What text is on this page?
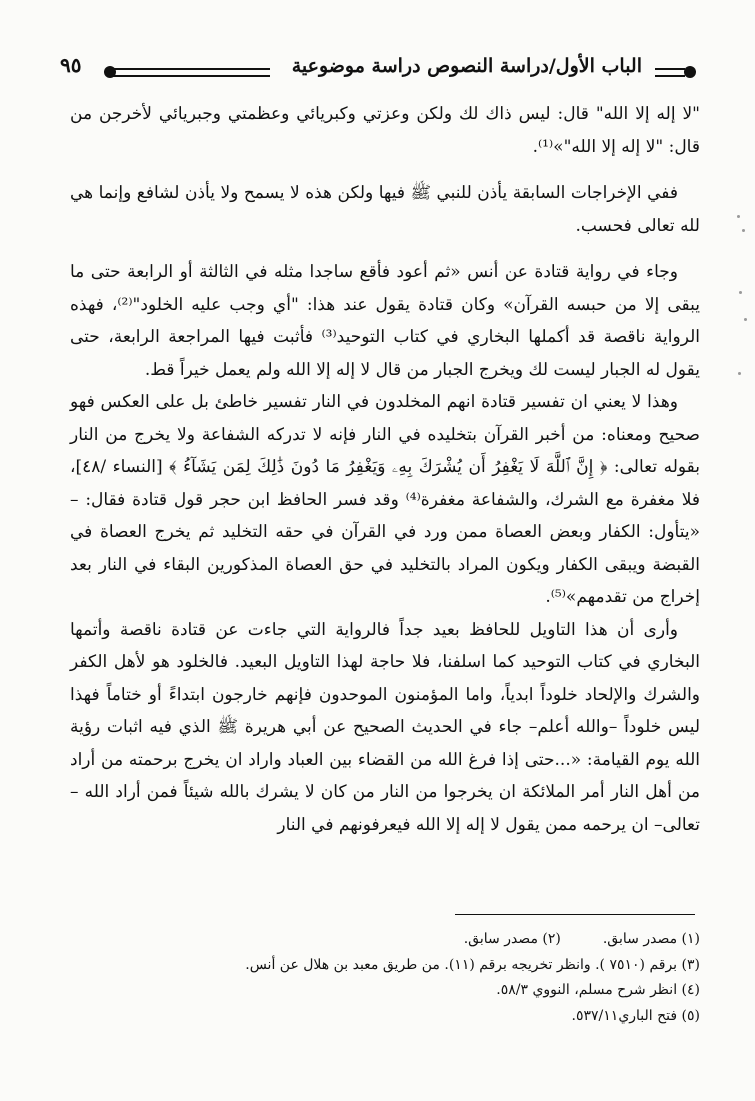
الباب الأول/دراسة النصوص دراسة موضوعية
٩٥

"لا إله إلا الله" قال: ليس ذاك لك ولكن وعزتي وكبريائي وعظمتي وجبريائي لأخرجن من قال: "لا إله إلا الله"»⁽¹⁾.

ففي الإخراجات السابقة يأذن للنبي ﷺ فيها ولكن هذه لا يسمح ولا يأذن لشافع وإنما هي لله تعالى فحسب.

وجاء في رواية قتادة عن أنس «ثم أعود فأقع ساجدا مثله في الثالثة أو الرابعة حتى ما يبقى إلا من حبسه القرآن» وكان قتادة يقول عند هذا: "أي وجب عليه الخلود"⁽²⁾، فهذه الرواية ناقصة قد أكملها البخاري في كتاب التوحيد⁽³⁾ فأثبت فيها المراجعة الرابعة، حتى يقول له الجبار ليست لك ويخرج الجبار من قال لا إله إلا الله ولم يعمل خيراً قط.

وهذا لا يعني ان تفسير قتادة انهم المخلدون في النار تفسير خاطئ بل على العكس فهو صحيح ومعناه: من أخبر القرآن بتخليده في النار فإنه لا تدركه الشفاعة ولا يخرج من النار بقوله تعالى: ﴿ إِنَّ ٱللَّهَ لَا يَغْفِرُ أَن يُشْرَكَ بِهِۦ وَيَغْفِرُ مَا دُونَ ذَٰلِكَ لِمَن يَشَآءُ ﴾ [النساء /٤٨]، فلا مغفرة مع الشرك، والشفاعة مغفرة⁽⁴⁾ وقد فسر الحافظ ابن حجر قول قتادة فقال: – «يتأول: الكفار وبعض العصاة ممن ورد في القرآن في حقه التخليد ثم يخرج العصاة في القبضة ويبقى الكفار ويكون المراد بالتخليد في حق العصاة المذكورين البقاء في النار بعد إخراج من تقدمهم»⁽⁵⁾.

وأرى أن هذا التاويل للحافظ بعيد جداً فالرواية التي جاءت عن قتادة ناقصة وأتمها البخاري في كتاب التوحيد كما اسلفنا، فلا حاجة لهذا التاويل البعيد. فالخلود هو لأهل الكفر والشرك والإلحاد خلوداً ابدياً، واما المؤمنون الموحدون فإنهم خارجون ابتداءً أو ختاماً فهذا ليس خلوداً –والله أعلم– جاء في الحديث الصحيح عن أبي هريرة ﷺ الذي فيه اثبات رؤية الله يوم القيامة: «...حتى إذا فرغ الله من القضاء بين العباد واراد ان يخرج برحمته من أراد من أهل النار أمر الملائكة ان يخرجوا من النار من كان لا يشرك بالله شيئاً فمن أراد الله –تعالى– ان يرحمه ممن يقول لا إله إلا الله فيعرفونهم في النار

(١) مصدر سابق.(٢) مصدر سابق.
(٣) برقم (٧٥١٠ ). وانظر تخريجه برقم (١١). من طريق معبد بن هلال عن أنس.
(٤) انظر شرح مسلم، النووي ٥٨/٣.
(٥) فتح الباري٥٣٧/١١.
